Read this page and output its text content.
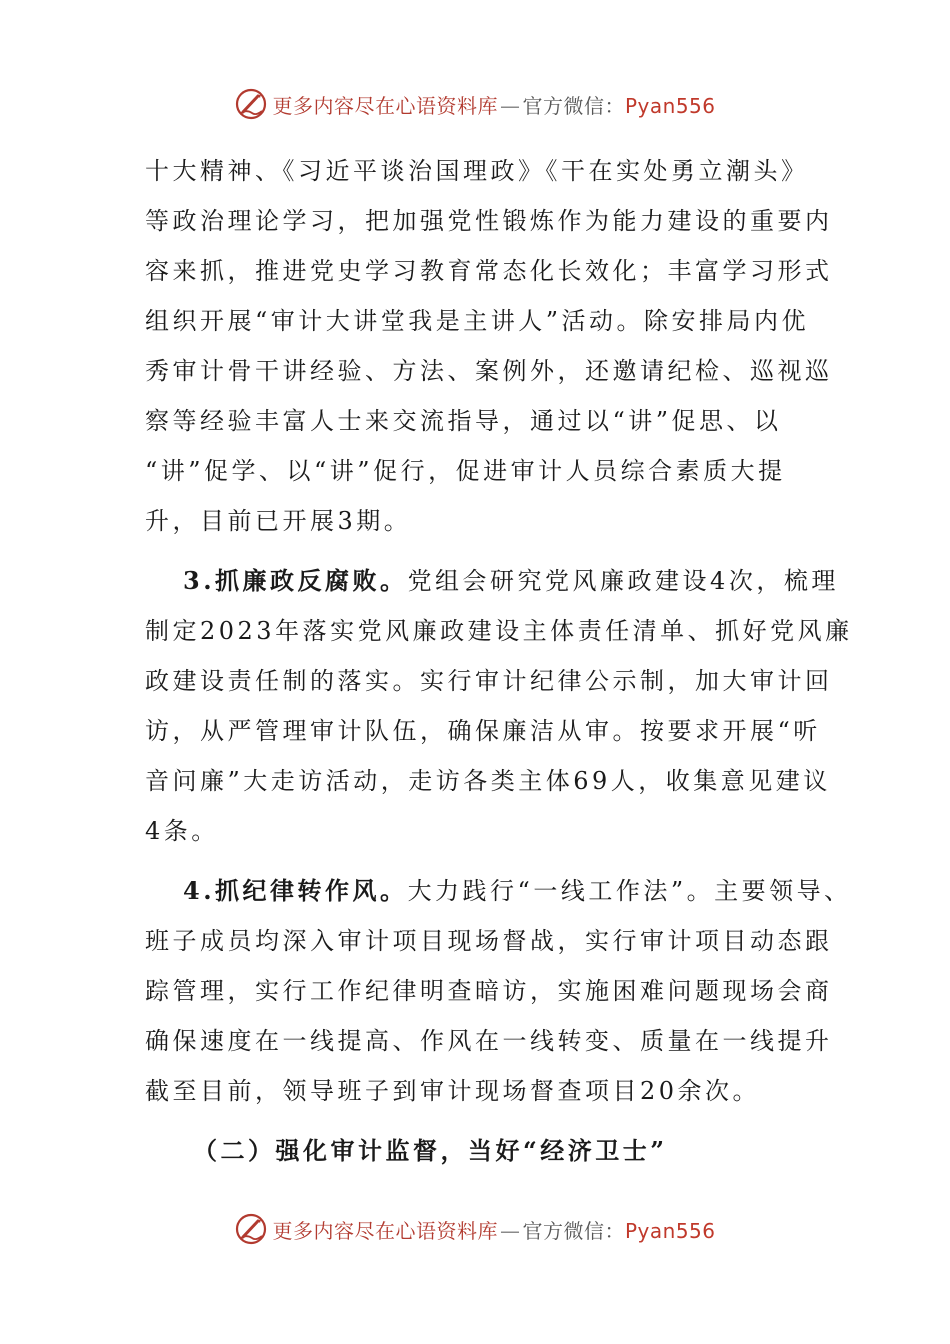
更多内容尽在心语资料库 — 官方微信：Pyan556
十大精神、《习近平谈治国理政》《干在实处勇立潮头》
等政治理论学习，把加强党性锻炼作为能力建设的重要内
容来抓，推进党史学习教育常态化长效化；丰富学习形式
组织开展“审计大讲堂我是主讲人”活动。除安排局内优
秀审计骨干讲经验、方法、案例外，还邀请纪检、巡视巡
察等经验丰富人士来交流指导，通过以“讲”促思、以
“讲”促学、以“讲”促行，促进审计人员综合素质大提
升，目前已开展3期。
3.抓廉政反腐败。党组会研究党风廉政建设4次，梳理
制定2023年落实党风廉政建设主体责任清单、抓好党风廉
政建设责任制的落实。实行审计纪律公示制，加大审计回
访，从严管理审计队伍，确保廉洁从审。按要求开展“听
音问廉”大走访活动，走访各类主体69人，收集意见建议
4条。
4.抓纪律转作风。大力践行“一线工作法”。主要领导、
班子成员均深入审计项目现场督战，实行审计项目动态跟
踪管理，实行工作纪律明查暗访，实施困难问题现场会商
确保速度在一线提高、作风在一线转变、质量在一线提升
截至目前，领导班子到审计现场督查项目20余次。
（二）强化审计监督，当好“经济卫士”
更多内容尽在心语资料库 — 官方微信：Pyan556
